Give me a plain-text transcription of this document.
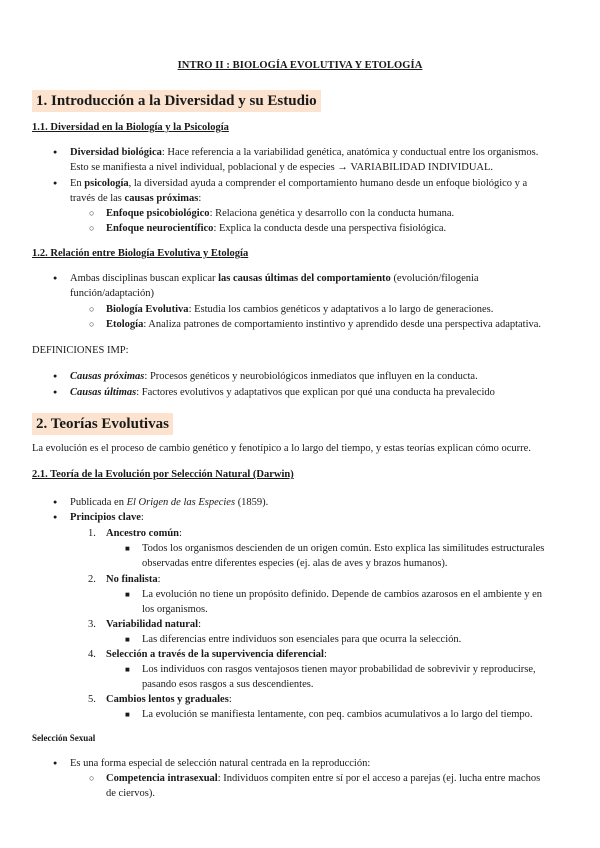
INTRO II : BIOLOGÍA EVOLUTIVA Y ETOLOGÍA
1. Introducción a la Diversidad y su Estudio
1.1. Diversidad en la Biología y la Psicología
● Diversidad biológica: Hace referencia a la variabilidad genética, anatómica y conductual entre los organismos.
Esto se manifiesta a nivel individual, poblacional y de especies → VARIABILIDAD INDIVIDUAL.
● En psicología, la diversidad ayuda a comprender el comportamiento humano desde un enfoque biológico y a
través de las causas próximas:
○ Enfoque psicobiológico: Relaciona genética y desarrollo con la conducta humana.
○ Enfoque neurocientífico: Explica la conducta desde una perspectiva fisiológica.
1.2. Relación entre Biología Evolutiva y Etología
● Ambas disciplinas buscan explicar las causas últimas del comportamiento (evolución/filogenia
función/adaptación)
○ Biología Evolutiva: Estudia los cambios genéticos y adaptativos a lo largo de generaciones.
○ Etología: Analiza patrones de comportamiento instintivo y aprendido desde una perspectiva adaptativa.
DEFINICIONES IMP:
● Causas próximas: Procesos genéticos y neurobiológicos inmediatos que influyen en la conducta.
● Causas últimas: Factores evolutivos y adaptativos que explican por qué una conducta ha prevalecido
2. Teorías Evolutivas
La evolución es el proceso de cambio genético y fenotípico a lo largo del tiempo, y estas teorías explican cómo ocurre.
2.1. Teoría de la Evolución por Selección Natural (Darwin)
● Publicada en El Origen de las Especies (1859).
● Principios clave:
1. Ancestro común:
■ Todos los organismos descienden de un origen común. Esto explica las similitudes estructurales
observadas entre diferentes especies (ej. alas de aves y brazos humanos).
2. No finalista:
■ La evolución no tiene un propósito definido. Depende de cambios azarosos en el ambiente y en
los organismos.
3. Variabilidad natural:
■ Las diferencias entre individuos son esenciales para que ocurra la selección.
4. Selección a través de la supervivencia diferencial:
■ Los individuos con rasgos ventajosos tienen mayor probabilidad de sobrevivir y reproducirse,
pasando esos rasgos a sus descendientes.
5. Cambios lentos y graduales:
■ La evolución se manifiesta lentamente, con peq. cambios acumulativos a lo largo del tiempo.
Selección Sexual
● Es una forma especial de selección natural centrada en la reproducción:
○ Competencia intrasexual: Individuos compiten entre sí por el acceso a parejas (ej. lucha entre machos
de ciervos).
